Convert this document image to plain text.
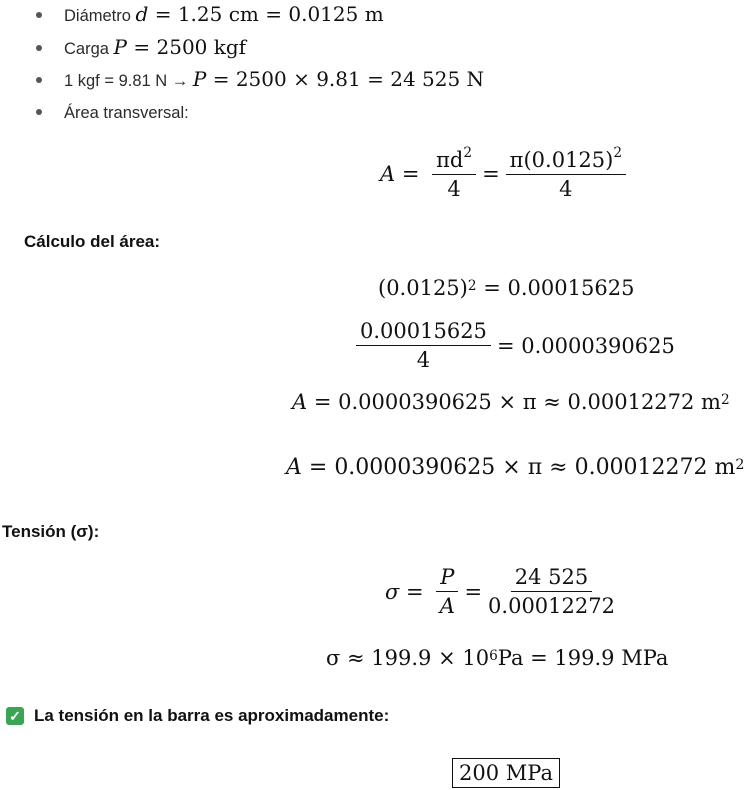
Diámetro
d = 1.25 cm = 0.0125 m
Carga
P = 2500 kgf
1 kgf = 9.81 N →
P = 2500 × 9.81 = 24 525 N
Área transversal:
$A = \frac{\pi d^2}{4} = \frac{\pi(0.0125)^2}{4}$
Cálculo del área:
$(0.0125)^2 = 0.00015625$
$\frac{0.00015625}{4} = 0.0000390625$
A = 0.0000390625 × π ≈ 0.00012272 $m^2$
A = 0.0000390625 × π ≈ 0.00012272 $m^2$
Tensión (σ):
$\sigma = \frac{P}{A} = \frac{24 525}{0.00012272}$
$\sigma \approx 199.9 \times 10^6$ Pa = 199.9 MPa
✓ La tensión en la barra es aproximadamente:
200 MPa
